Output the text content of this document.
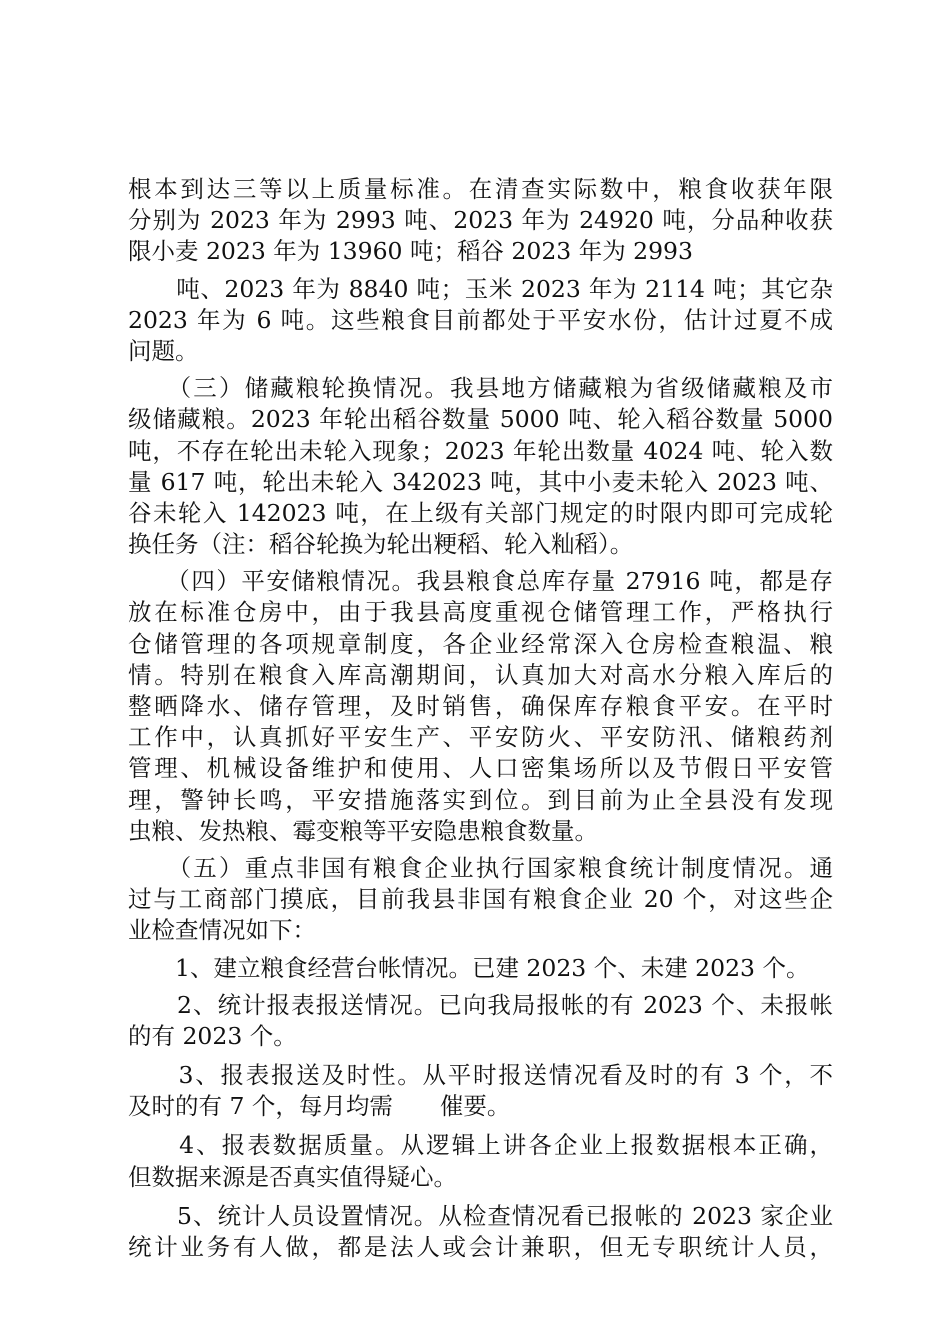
根本到达三等以上质量标准。在清查实际数中，粮食收获年限
分别为 2023 年为 2993 吨、2023 年为 24920 吨，分品种收获
限小麦 2023 年为 13960 吨；稻谷 2023 年为 2993
　　吨、2023 年为 8840 吨；玉米 2023 年为 2114 吨；其它杂
2023 年为 6 吨。这些粮食目前都处于平安水份，估计过夏不成
问题。
　　（三）储藏粮轮换情况。我县地方储藏粮为省级储藏粮及市
级储藏粮。2023 年轮出稻谷数量 5000 吨、轮入稻谷数量 5000
吨，不存在轮出未轮入现象；2023 年轮出数量 4024 吨、轮入数
量 617 吨，轮出未轮入 342023 吨，其中小麦未轮入 2023 吨、
谷未轮入 142023 吨，在上级有关部门规定的时限内即可完成轮
换任务（注：稻谷轮换为轮出粳稻、轮入籼稻）。
　　（四）平安储粮情况。我县粮食总库存量 27916 吨，都是存
放在标准仓房中，由于我县高度重视仓储管理工作，严格执行
仓储管理的各项规章制度，各企业经常深入仓房检查粮温、粮
情。特别在粮食入库高潮期间，认真加大对高水分粮入库后的
整晒降水、储存管理，及时销售，确保库存粮食平安。在平时
工作中，认真抓好平安生产、平安防火、平安防汛、储粮药剂
管理、机械设备维护和使用、人口密集场所以及节假日平安管
理，警钟长鸣，平安措施落实到位。到目前为止全县没有发现
虫粮、发热粮、霉变粮等平安隐患粮食数量。
　　（五）重点非国有粮食企业执行国家粮食统计制度情况。通
过与工商部门摸底，目前我县非国有粮食企业 20 个，对这些企
业检查情况如下：
　　1、建立粮食经营台帐情况。已建 2023 个、未建 2023 个。
　　2、统计报表报送情况。已向我局报帐的有 2023 个、未报帐
的有 2023 个。
　　3、报表报送及时性。从平时报送情况看及时的有 3 个，不
及时的有 7 个，每月均需　　催要。
　　4、报表数据质量。从逻辑上讲各企业上报数据根本正确，
但数据来源是否真实值得疑心。
　　5、统计人员设置情况。从检查情况看已报帐的 2023 家企业
统计业务有人做，都是法人或会计兼职，但无专职统计人员，
